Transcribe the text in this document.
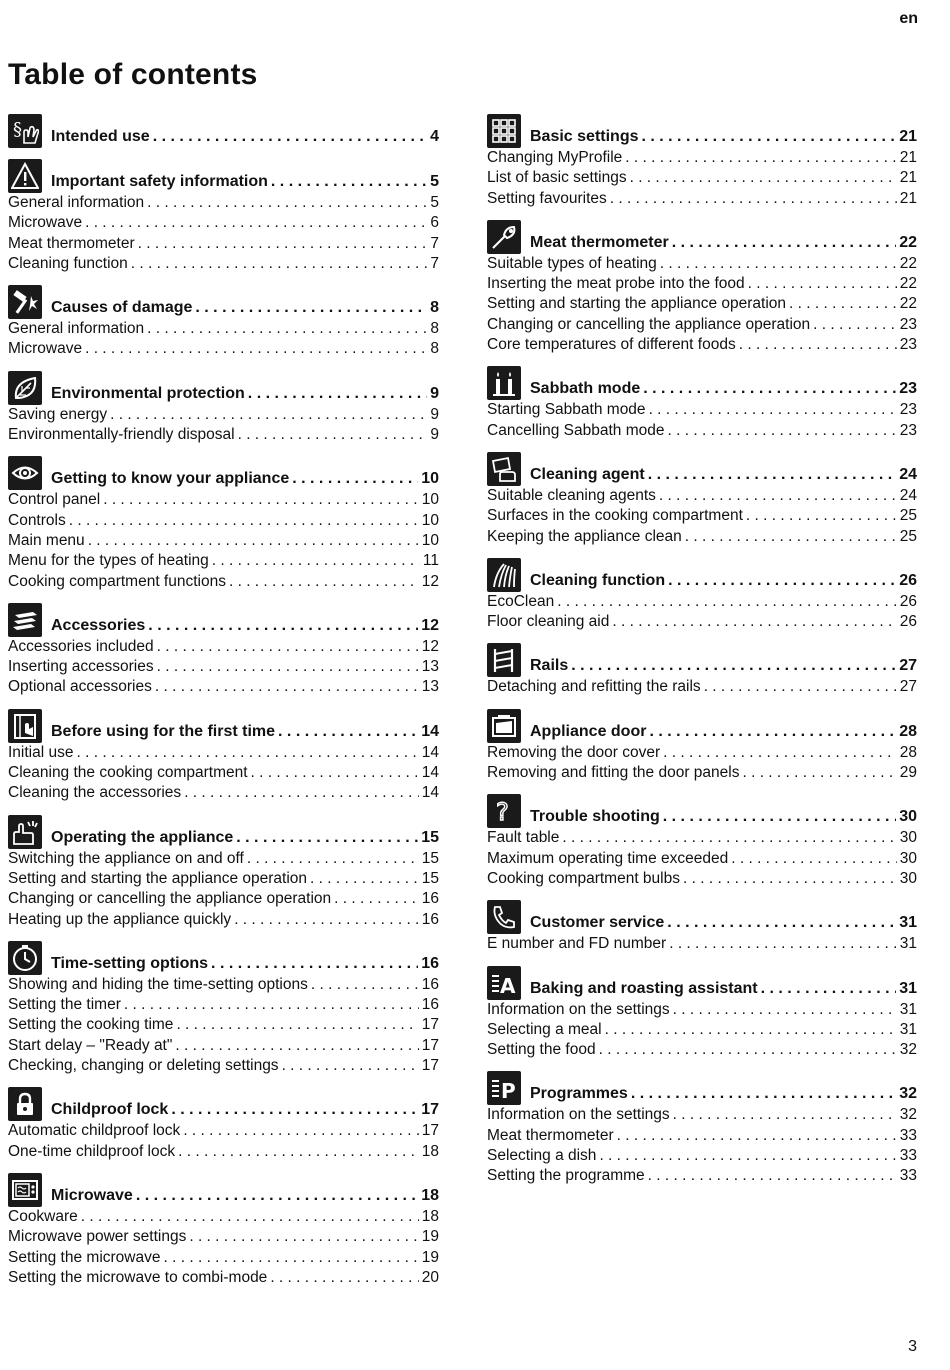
en
Table of contents
§ Intended use . . .	4
Important safety information . . .	5
General information . . .	5
Microwave . . .	6
Meat thermometer . . .	7
Cleaning function . . .	7
Causes of damage . . .	8
General information . . .	8
Microwave . . .	8
Environmental protection . . .	9
Saving energy . . .	9
Environmentally-friendly disposal . . .	9
Getting to know your appliance . . .	10
Control panel . . .	10
Controls . . .	10
Main menu . . .	10
Menu for the types of heating . . .	11
Cooking compartment functions . . .	12
Accessories . . .	12
Accessories included . . .	12
Inserting accessories . . .	13
Optional accessories . . .	13
Before using for the first time . . .	14
Initial use . . .	14
Cleaning the cooking compartment . . .	14
Cleaning the accessories . . .	14
Operating the appliance . . .	15
Switching the appliance on and off . . .	15
Setting and starting the appliance operation . . .	15
Changing or cancelling the appliance operation . . .	16
Heating up the appliance quickly . . .	16
Time-setting options . . .	16
Showing and hiding the time-setting options . . .	16
Setting the timer . . .	16
Setting the cooking time . . .	17
Start delay – "Ready at" . . .	17
Checking, changing or deleting settings . . .	17
Childproof lock . . .	17
Automatic childproof lock . . .	17
One-time childproof lock . . .	18
Microwave . . .	18
Cookware . . .	18
Microwave power settings . . .	19
Setting the microwave . . .	19
Setting the microwave to combi-mode . . .	20
Basic settings . . .	21
Changing MyProfile . . .	21
List of basic settings . . .	21
Setting favourites . . .	21
Meat thermometer . . .	22
Suitable types of heating . . .	22
Inserting the meat probe into the food . . .	22
Setting and starting the appliance operation . . .	22
Changing or cancelling the appliance operation . . .	23
Core temperatures of different foods . . .	23
Sabbath mode . . .	23
Starting Sabbath mode . . .	23
Cancelling Sabbath mode . . .	23
Cleaning agent . . .	24
Suitable cleaning agents . . .	24
Surfaces in the cooking compartment . . .	25
Keeping the appliance clean . . .	25
Cleaning function . . .	26
EcoClean . . .	26
Floor cleaning aid . . .	26
Rails . . .	27
Detaching and refitting the rails . . .	27
Appliance door . . .	28
Removing the door cover . . .	28
Removing and fitting the door panels . . .	29
? Trouble shooting . . .	30
Fault table . . .	30
Maximum operating time exceeded . . .	30
Cooking compartment bulbs . . .	30
Customer service . . .	31
E number and FD number . . .	31
A Baking and roasting assistant . . .	31
Information on the settings . . .	31
Selecting a meal . . .	31
Setting the food . . .	32
P Programmes . . .	32
Information on the settings . . .	32
Meat thermometer . . .	33
Selecting a dish . . .	33
Setting the programme . . .	33
3
